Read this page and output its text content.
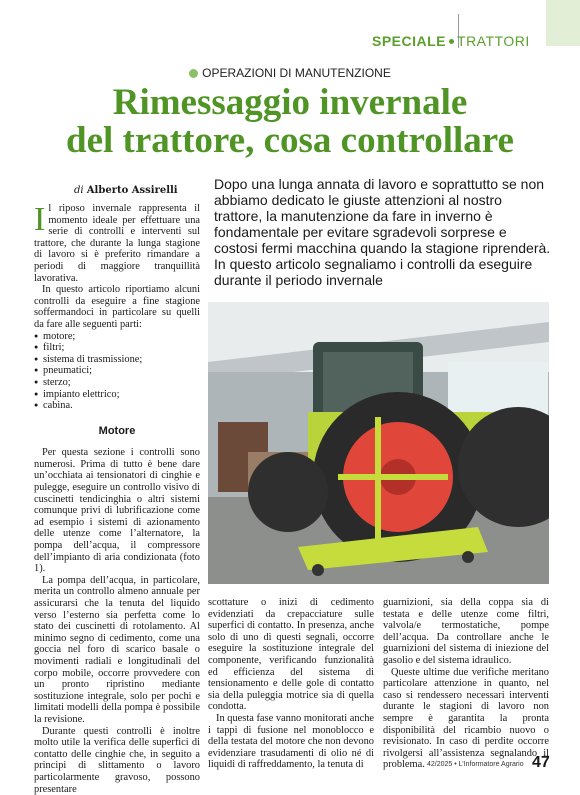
SPECIALE TRATTORI
OPERAZIONI DI MANUTENZIONE
Rimessaggio invernale
del trattore, cosa controllare
di Alberto Assirelli	Dopo una lunga annata di lavoro e soprattutto se non abbiamo dedicato le giuste attenzioni al nostro trattore, la manutenzione da fare in inverno è fondamentale per evitare sgradevoli sorprese e costosi fermi macchina quando la stagione riprenderà. In questo articolo segnaliamo i controlli da eseguire durante il periodo invernale

Il riposo invernale rappresenta il momento ideale per effettuare una serie di controlli e interventi sul trattore, che durante la lunga stagione di lavoro si è preferito rimandare a periodi di maggiore tranquillità lavorativa.

In questo articolo riportiamo alcuni controlli da eseguire a fine stagione soffermandoci in particolare su quelli da fare alle seguenti parti:

● motore;
● filtri;
● sistema di trasmissione;
● pneumatici;
● sterzo;
● impianto elettrico;
● cabina.
Motore

Per questa sezione i controlli sono numerosi. Prima di tutto è bene dare un’occhiata ai tensionatori di cinghie e pulegge, eseguire un controllo visivo di cuscinetti tendicinghia o altri sistemi comunque privi di lubrificazione come ad esempio i sistemi di azionamento delle utenze come l’alternatore, la pompa dell’acqua, il compressore dell’impianto di aria condizionata (foto 1).

La pompa dell’acqua, in particolare, merita un controllo almeno annuale per assicurarsi che la tenuta del liquido verso l’esterno sia perfetta come lo stato dei cuscinetti di rotolamento. Al minimo segno di cedimento, come una goccia nel foro di scarico basale o movimenti radiali e longitudinali del corpo mobile, occorre provvedere con un pronto ripristino mediante sostituzione integrale, solo per pochi e limitati modelli della pompa è possibile la revisione.

Durante questi controlli è inoltre molto utile la verifica delle superfici di contatto delle cinghie che, in seguito a principi di slittamento o lavoro particolarmente gravoso, possono presentare

scottature o inizi di cedimento evidenziati da crepacciature sulle superfici di contatto. In presenza, anche solo di uno di questi segnali, occorre eseguire la sostituzione integrale del componente, verificando funzionalità ed efficienza del sistema di tensionamento e delle gole di contatto sia della puleggia motrice sia di quella condotta.

In questa fase vanno monitorati anche i tappi di fusione nel monoblocco e della testata del motore che non devono evidenziare trasudamenti di olio né di liquidi di raffreddamento, la tenuta di

guarnizioni, sia della coppa sia di testata e delle utenze come filtri, valvola/e termostatiche, pompe dell’acqua. Da controllare anche le guarnizioni del sistema di iniezione del gasolio e del sistema idraulico.

Queste ultime due verifiche meritano particolare attenzione in quanto, nel caso si rendessero necessari interventi durante le stagioni di lavoro non sempre è garantita la pronta disponibilità del ricambio nuovo o revisionato. In caso di perdite occorre rivolgersi all’assistenza segnalando il problema. 42/2025 • L’Informatore Agrario 47
